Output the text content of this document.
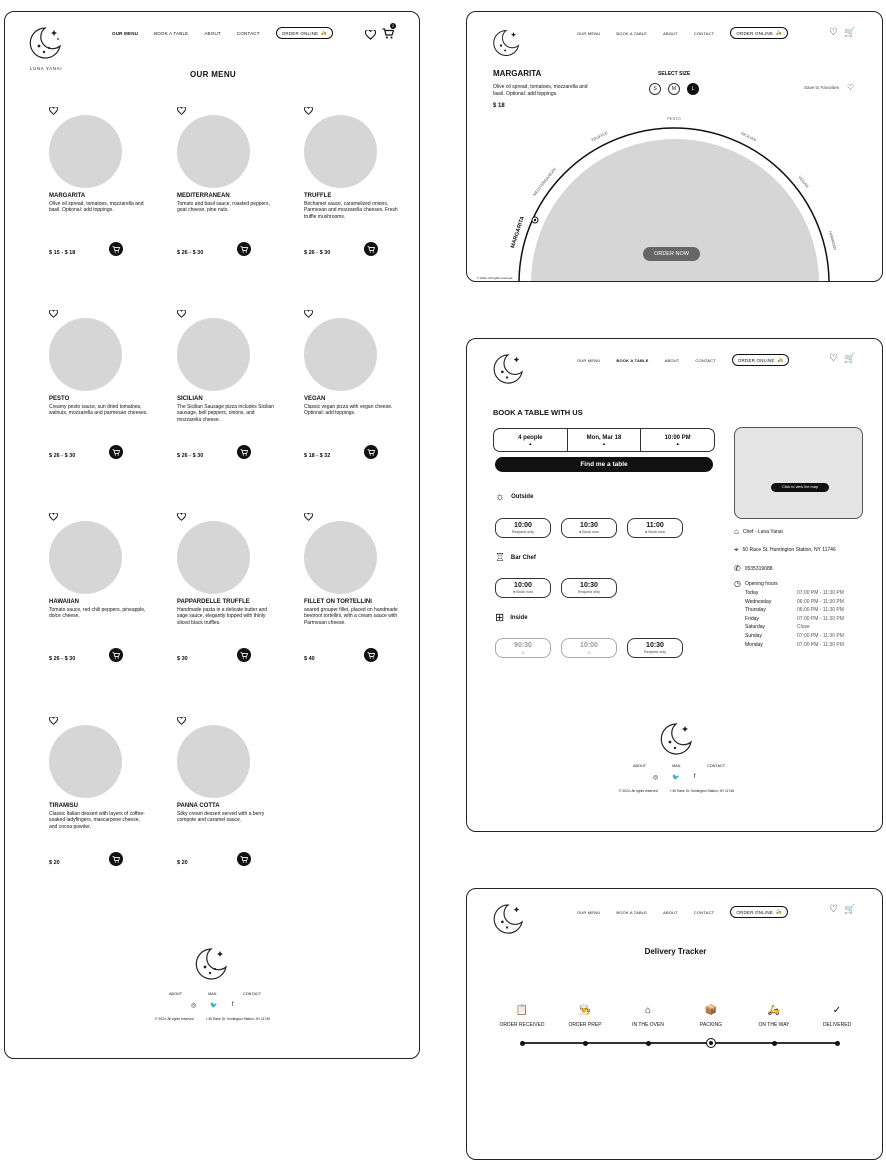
LUNA YANAI
OUR MENU	BOOK A TABLE	ABOUT	CONTACT	ORDER ONLINE 🛵
2
OUR MENU
MARGARITA
Olive oil spread, tomatoes, mozzarella and basil. Optional: add toppings.
$ 15 - $ 18
MEDITERRANEAN
Tomato and basil sauce, roasted peppers, goat cheese, pine nuts.
$ 26 - $ 30
TRUFFLE
Béchamel sauce, caramelized onions, Parmesan and mozzarella cheeses, Fresh truffle mushrooms.
$ 26 - $ 30
PESTO
Creamy pesto sauce, sun dried tomatoes, walnuts, mozzarella and parmesan cheeses.
$ 26 - $ 30
SICILIAN
The Sicilian Sausage pizza includes Sicilian sausage, bell peppers, onions, and mozzarella cheese.
$ 26 - $ 30
VEGAN
Classic vegan pizza with vegan cheese. Optional: add toppings.
$ 18 - $ 32
HAWAIIAN
Tomato sauce, red chili peppers, pineapple, dolce cheese.
$ 26 - $ 30
PAPPARDELLE TRUFFLE
Handmade pasta in a delicate butter and sage sauce, elegantly topped with thinly sliced black truffles.
$ 30
FILLET ON TORTELLINI
seared grouper fillet, placed on handmade beetroot tortellini, with a cream sauce with Parmesan cheese.
$ 40
TIRAMISU
Classic Italian dessert with layers of coffee-soaked ladyfingers, mascarpone cheese, and cocoa powder.
$ 20
PANNA COTTA
Silky cream dessert served with a berry compote and caramel sauce.
$ 20
ABOUT	MAIL	CONTACT
◎ 🐦 f
© 2024. All rights reserved	⌖ 50 Race St. Huntington Station, NY 11746
OUR MENU	BOOK A TABLE	ABOUT	CONTACT	ORDER ONLINE 🛵	♡ 🛒
MARGARITA
Olive oil spread, tomatoes, mozzarella and basil. Optional: add toppings.
$ 18
SELECT SIZE
S	M	L	Save to Favorites ♡
MARGARITA
MEDITERRANEAN
TRUFFLE
PESTO
SICILIAN
VEGAN
HAWAIIAN
ORDER NOW
© 2024. All rights reserved
OUR MENU	BOOK A TABLE	ABOUT	CONTACT	ORDER ONLINE 🛵	♡ 🛒
BOOK A TABLE WITH US
4 people
▲
Mon, Mar 18
▲
10:00 PM
▲
Find me a table
☼ Outside
10:00
Request only
10:30
● Book now
11:00
● Book now
♖ Bar Chef
10:00
● Book now
10:30
Request only
⊞ Inside
90:30
⊘
10:00
⊘
10:30
Request only
Click to view the map
⌂ Chef - Luna Yanai
⌖ 50 Race St. Huntington Station, NY 11746
✆ 0535319088
◷ Opening hours
Today	07:00 PM - 11:30 PM
Wednesday	06:00 PM - 11:30 PM
Thursday	06:00 PM - 11:30 PM
Friday	07:00 PM - 11:30 PM
Saturday	Close
Sunday	07:00 PM - 11:30 PM
Monday	07:00 PM - 11:30 PM
ABOUT	MAIL	CONTACT
◎ 🐦 f
© 2024. All rights reserved	⌖ 50 Race St. Huntington Station, NY 11746
OUR MENU	BOOK A TABLE	ABOUT	CONTACT	ORDER ONLINE 🛵	♡ 🛒
Delivery Tracker
📋
ORDER RECEIVED
👨‍🍳
ORDER PREP
⌂
IN THE OVEN
📦
PACKING
🛵
ON THE WAY
✓
DELIVERED
